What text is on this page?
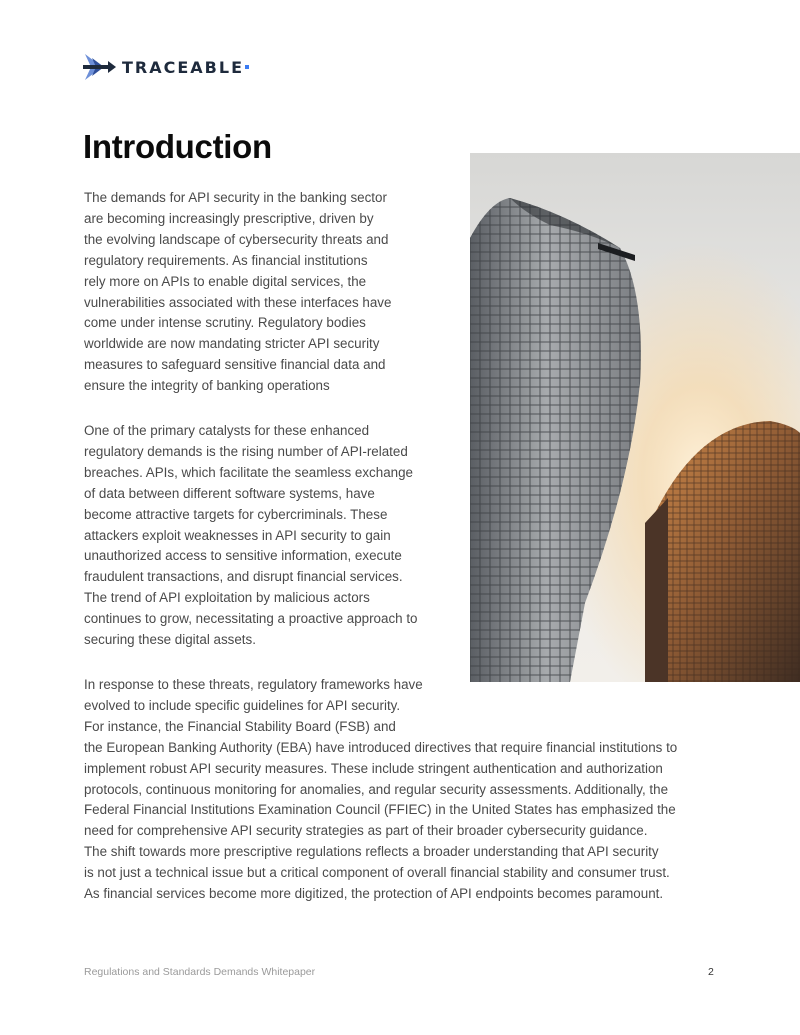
TRACEABLE
Introduction
The demands for API security in the banking sector
are becoming increasingly prescriptive, driven by
the evolving landscape of cybersecurity threats and
regulatory requirements. As financial institutions
rely more on APIs to enable digital services, the
vulnerabilities associated with these interfaces have
come under intense scrutiny. Regulatory bodies
worldwide are now mandating stricter API security
measures to safeguard sensitive financial data and
ensure the integrity of banking operations
One of the primary catalysts for these enhanced
regulatory demands is the rising number of API-related
breaches. APIs, which facilitate the seamless exchange
of data between different software systems, have
become attractive targets for cybercriminals. These
attackers exploit weaknesses in API security to gain
unauthorized access to sensitive information, execute
fraudulent transactions, and disrupt financial services.
The trend of API exploitation by malicious actors
continues to grow, necessitating a proactive approach to
securing these digital assets.
In response to these threats, regulatory frameworks have
evolved to include specific guidelines for API security.
For instance, the Financial Stability Board (FSB) and
the European Banking Authority (EBA) have introduced directives that require financial institutions to
implement robust API security measures. These include stringent authentication and authorization
protocols, continuous monitoring for anomalies, and regular security assessments. Additionally, the
Federal Financial Institutions Examination Council (FFIEC) in the United States has emphasized the
need for comprehensive API security strategies as part of their broader cybersecurity guidance.
The shift towards more prescriptive regulations reflects a broader understanding that API security
is not just a technical issue but a critical component of overall financial stability and consumer trust.
As financial services become more digitized, the protection of API endpoints becomes paramount.
Regulations and Standards Demands Whitepaper	2
